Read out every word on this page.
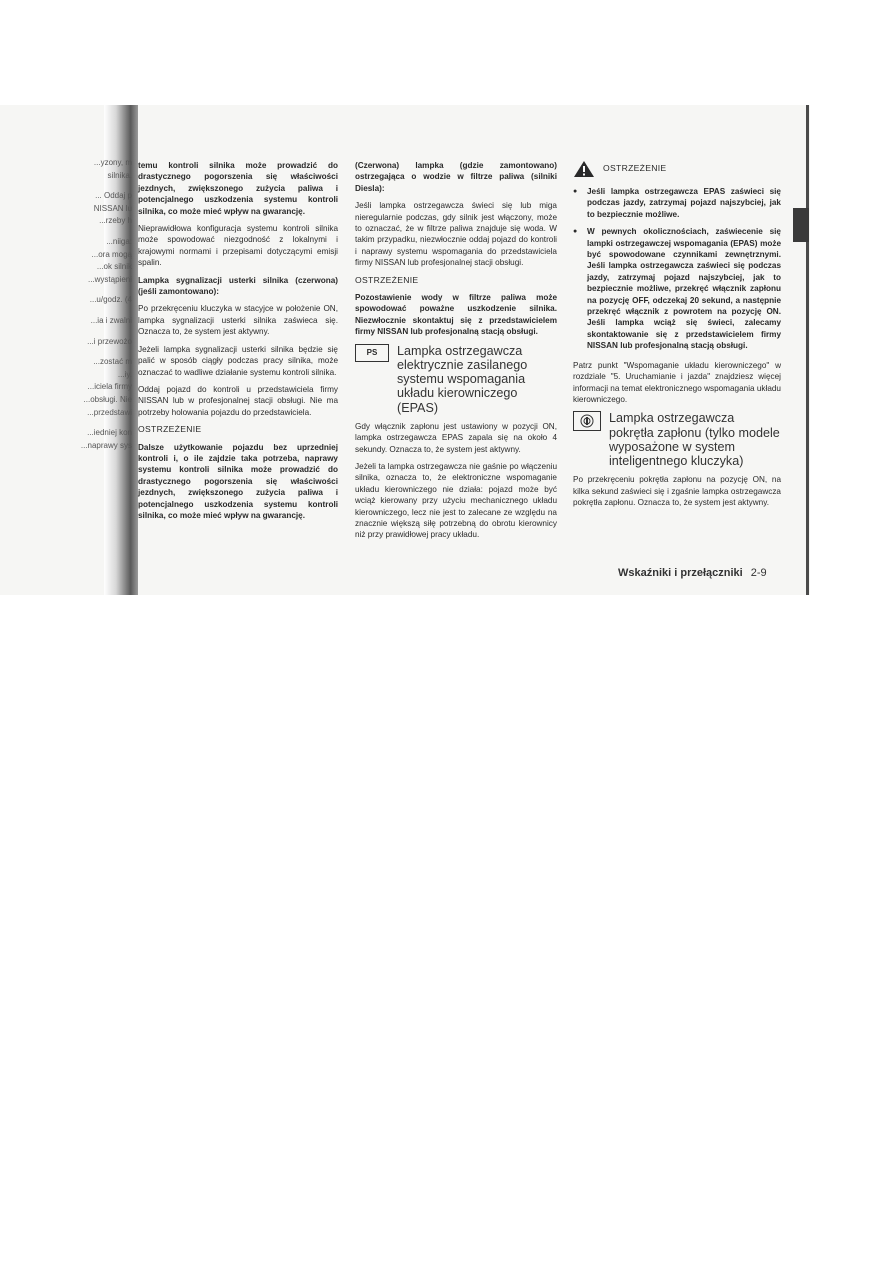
...yzony, m
silnika.
... Oddaj p
NISSAN lu
...rzeby h
...niiga:
...ora mogą
...ok silnik
...wystąpieni
...u/godz. (4
...ia i zwalni
...i przewożo
...zostać m
...iy.
...iciela firmy
...obsługi. Nie
...przedstawi
...iedniej kon
...naprawy sys

temu kontroli silnika może prowadzić do drastycznego pogorszenia się właściwości jezdnych, zwiększonego zużycia paliwa i potencjalnego uszkodzenia systemu kontroli silnika, co może mieć wpływ na gwarancję.

Nieprawidłowa konfiguracja systemu kontroli silnika może spowodować niezgodność z lokalnymi i krajowymi normami i przepisami dotyczącymi emisji spalin.

Lampka sygnalizacji usterki silnika (czerwona) (jeśli zamontowano):

Po przekręceniu kluczyka w stacyjce w położenie ON, lampka sygnalizacji usterki silnika zaświeca się. Oznacza to, że system jest aktywny.

Jeżeli lampka sygnalizacji usterki silnika będzie się palić w sposób ciągły podczas pracy silnika, może oznaczać to wadliwe działanie systemu kontroli silnika.

Oddaj pojazd do kontroli u przedstawiciela firmy NISSAN lub w profesjonalnej stacji obsługi. Nie ma potrzeby holowania pojazdu do przedstawiciela.

OSTRZEŻENIE

Dalsze użytkowanie pojazdu bez uprzedniej kontroli i, o ile zajdzie taka potrzeba, naprawy systemu kontroli silnika może prowadzić do drastycznego pogorszenia się właściwości jezdnych, zwiększonego zużycia paliwa i potencjalnego uszkodzenia systemu kontroli silnika, co może mieć wpływ na gwarancję.

(Czerwona) lampka (gdzie zamontowano) ostrzegająca o wodzie w filtrze paliwa (silniki Diesla):

Jeśli lampka ostrzegawcza świeci się lub miga nieregularnie podczas, gdy silnik jest włączony, może to oznaczać, że w filtrze paliwa znajduje się woda. W takim przypadku, niezwłocznie oddaj pojazd do kontroli i naprawy systemu wspomagania do przedstawiciela firmy NISSAN lub profesjonalnej stacji obsługi.

OSTRZEŻENIE

Pozostawienie wody w filtrze paliwa może spowodować poważne uszkodzenie silnika. Niezwłocznie skontaktuj się z przedstawicielem firmy NISSAN lub profesjonalną stacją obsługi.

PS Lampka ostrzegawcza elektrycznie zasilanego systemu wspomagania układu kierowniczego (EPAS)

Gdy włącznik zapłonu jest ustawiony w pozycji ON, lampka ostrzegawcza EPAS zapala się na około 4 sekundy. Oznacza to, że system jest aktywny.

Jeżeli ta lampka ostrzegawcza nie gaśnie po włączeniu silnika, oznacza to, że elektroniczne wspomaganie układu kierowniczego nie działa: pojazd może być wciąż kierowany przy użyciu mechanicznego układu kierowniczego, lecz nie jest to zalecane ze względu na znacznie większą siłę potrzebną do obrotu kierownicy niż przy prawidłowej pracy układu.

OSTRZEŻENIE
● Jeśli lampka ostrzegawcza EPAS zaświeci się podczas jazdy, zatrzymaj pojazd najszybciej, jak to bezpiecznie możliwe.
● W pewnych okolicznościach, zaświecenie się lampki ostrzegawczej wspomagania (EPAS) może być spowodowane czynnikami zewnętrznymi. Jeśli lampka ostrzegawcza zaświeci się podczas jazdy, zatrzymaj pojazd najszybciej, jak to bezpiecznie możliwe, przekręć włącznik zapłonu na pozycję OFF, odczekaj 20 sekund, a następnie przekręć włącznik z powrotem na pozycję ON. Jeśli lampka wciąż się świeci, zalecamy skontaktowanie się z przedstawicielem firmy NISSAN lub profesjonalną stacją obsługi.

Patrz punkt "Wspomaganie układu kierowniczego" w rozdziale "5. Uruchamianie i jazda" znajdziesz więcej informacji na temat elektronicznego wspomagania układu kierowniczego.

Lampka ostrzegawcza pokrętła zapłonu (tylko modele wyposażone w system inteligentnego kluczyka)

Po przekręceniu pokrętła zapłonu na pozycję ON, na kilka sekund zaświeci się i zgaśnie lampka ostrzegawcza pokrętła zapłonu. Oznacza to, że system jest aktywny.

Wskaźniki i przełączniki 2-9
